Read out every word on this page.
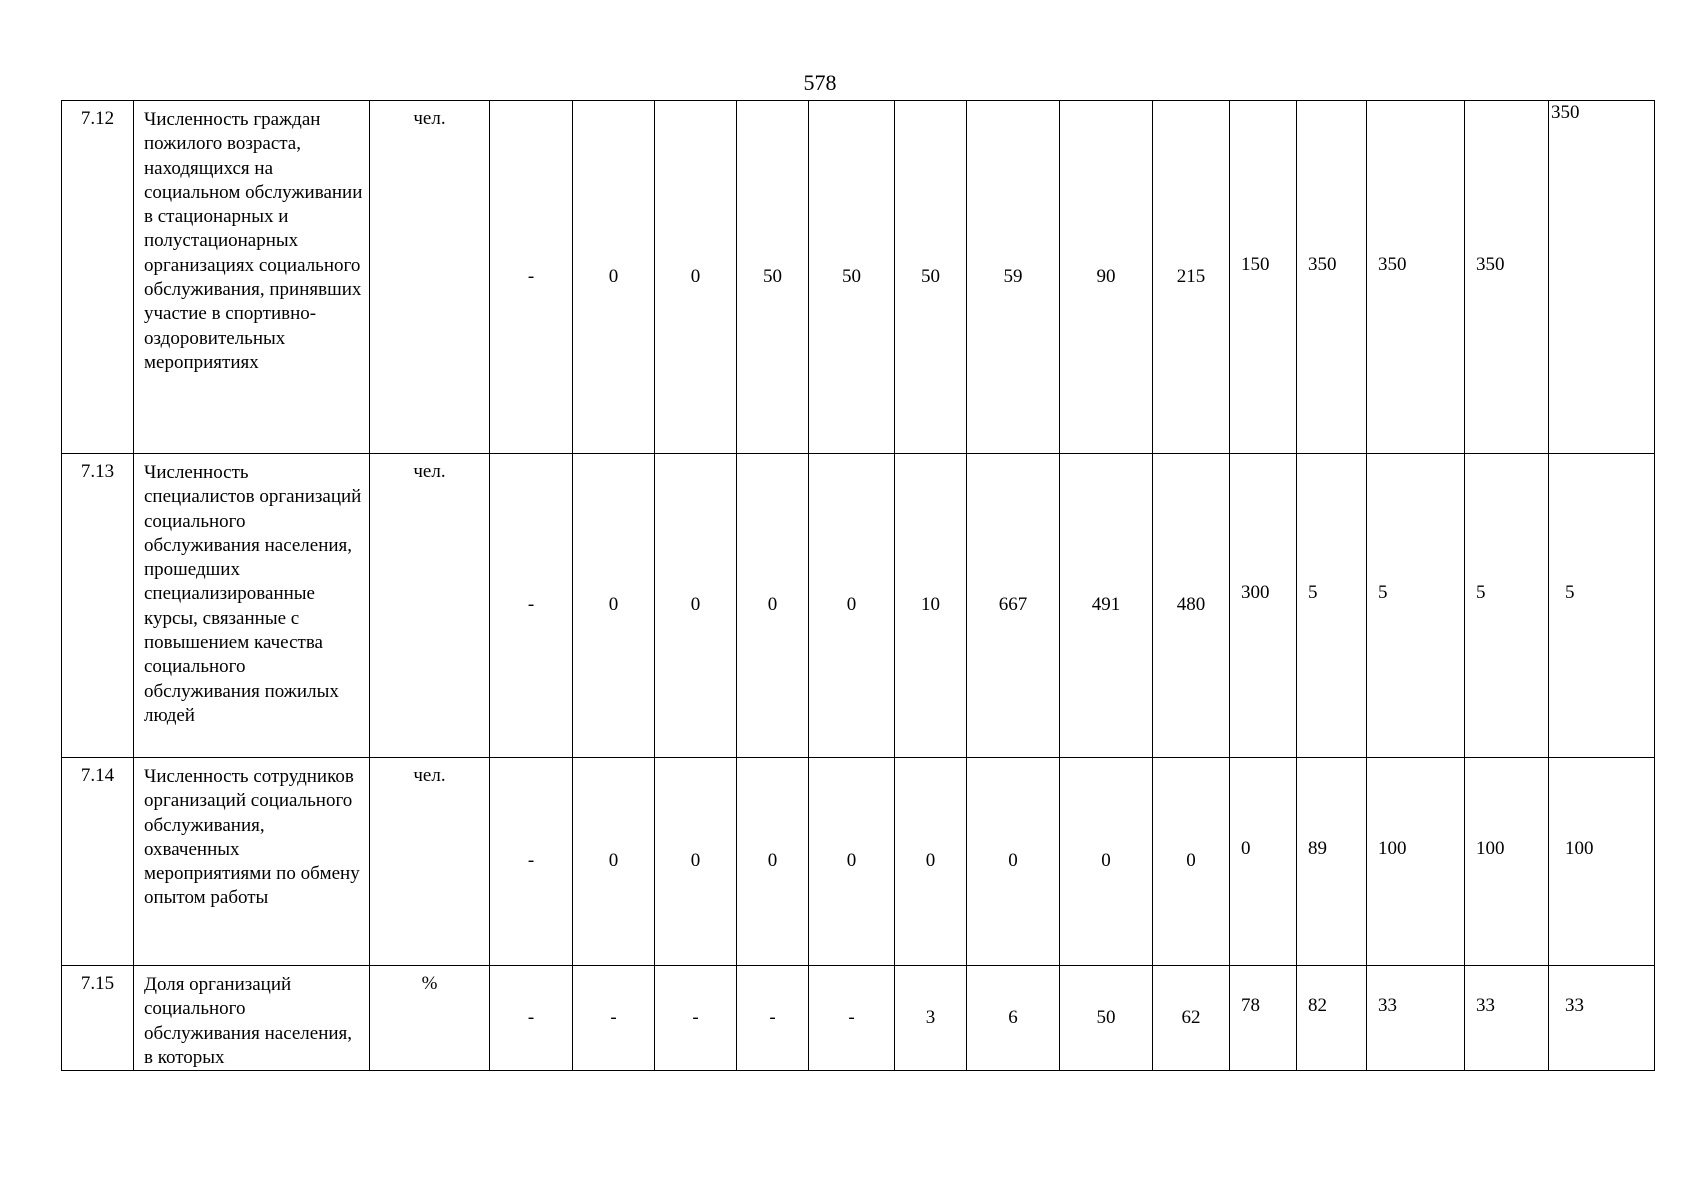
578
7.12	Численность граждан пожилого возраста, находящихся на социальном обслуживании в стационарных и полустационарных организациях социального обслуживания, принявших участие в спортивно-оздоровительных мероприятиях	чел.	-	0	0	50	50	50	59	90	215	150	350	350	350	350
7.13	Численность специалистов организаций социального обслуживания населения, прошедших специализированные курсы, связанные с повышением качества социального обслуживания пожилых людей	чел.	-	0	0	0	0	10	667	491	480	300	5	5	5	5
7.14	Численность сотрудников организаций социального обслуживания, охваченных мероприятиями по обмену опытом работы	чел.	-	0	0	0	0	0	0	0	0	0	89	100	100	100
7.15	Доля организаций социального обслуживания населения, в которых	%	-	-	-	-	-	3	6	50	62	78	82	33	33	33
